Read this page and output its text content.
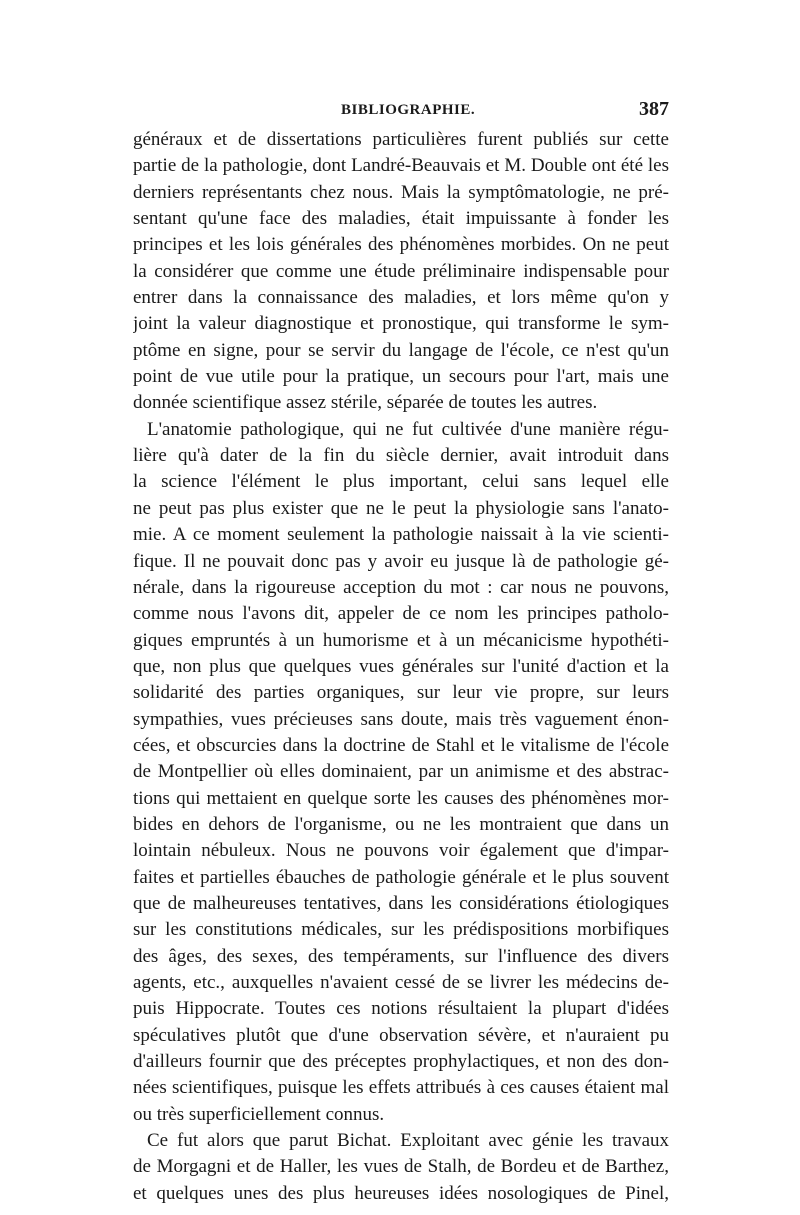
BIBLIOGRAPHIE.	387
généraux et de dissertations particulières furent publiés sur cette
partie de la pathologie, dont Landré-Beauvais et M. Double ont été les
derniers représentants chez nous. Mais la symptômatologie, ne pré-
sentant qu'une face des maladies, était impuissante à fonder les
principes et les lois générales des phénomènes morbides. On ne peut
la considérer que comme une étude préliminaire indispensable pour
entrer dans la connaissance des maladies, et lors même qu'on y
joint la valeur diagnostique et pronostique, qui transforme le sym-
ptôme en signe, pour se servir du langage de l'école, ce n'est qu'un
point de vue utile pour la pratique, un secours pour l'art, mais une
donnée scientifique assez stérile, séparée de toutes les autres.
L'anatomie pathologique, qui ne fut cultivée d'une manière régu-
lière qu'à dater de la fin du siècle dernier, avait introduit dans
la science l'élément le plus important, celui sans lequel elle
ne peut pas plus exister que ne le peut la physiologie sans l'anato-
mie. A ce moment seulement la pathologie naissait à la vie scienti-
fique. Il ne pouvait donc pas y avoir eu jusque là de pathologie gé-
nérale, dans la rigoureuse acception du mot : car nous ne pouvons,
comme nous l'avons dit, appeler de ce nom les principes patholo-
giques empruntés à un humorisme et à un mécanicisme hypothéti-
que, non plus que quelques vues générales sur l'unité d'action et la
solidarité des parties organiques, sur leur vie propre, sur leurs
sympathies, vues précieuses sans doute, mais très vaguement énon-
cées, et obscurcies dans la doctrine de Stahl et le vitalisme de l'école
de Montpellier où elles dominaient, par un animisme et des abstrac-
tions qui mettaient en quelque sorte les causes des phénomènes mor-
bides en dehors de l'organisme, ou ne les montraient que dans un
lointain nébuleux. Nous ne pouvons voir également que d'impar-
faites et partielles ébauches de pathologie générale et le plus souvent
que de malheureuses tentatives, dans les considérations étiologiques
sur les constitutions médicales, sur les prédispositions morbifiques
des âges, des sexes, des tempéraments, sur l'influence des divers
agents, etc., auxquelles n'avaient cessé de se livrer les médecins de-
puis Hippocrate. Toutes ces notions résultaient la plupart d'idées
spéculatives plutôt que d'une observation sévère, et n'auraient pu
d'ailleurs fournir que des préceptes prophylactiques, et non des don-
nées scientifiques, puisque les effets attribués à ces causes étaient mal
ou très superficiellement connus.
Ce fut alors que parut Bichat. Exploitant avec génie les travaux
de Morgagni et de Haller, les vues de Stalh, de Bordeu et de Barthez,
et quelques unes des plus heureuses idées nosologiques de Pinel,
